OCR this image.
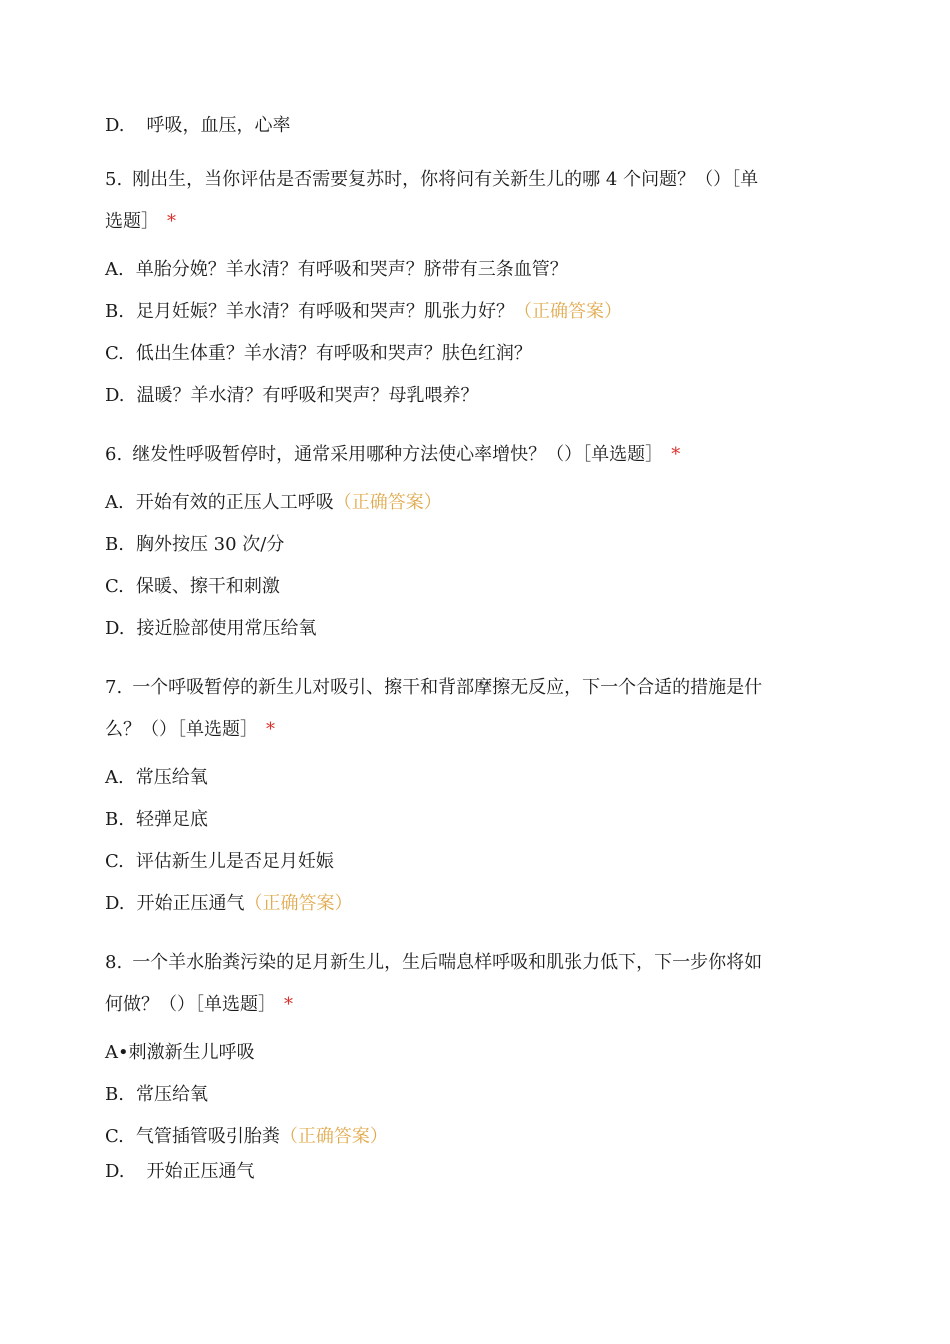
D. 呼吸，血压，心率
5. 刚出生，当你评估是否需要复苏时，你将问有关新生儿的哪 4 个问题？（）［单
选题］ *
A. 单胎分娩？羊水清？有呼吸和哭声？脐带有三条血管？
B. 足月妊娠？羊水清？有呼吸和哭声？肌张力好？（正确答案）
C. 低出生体重？羊水清？有呼吸和哭声？肤色红润？
D. 温暖？羊水清？有呼吸和哭声？母乳喂养？
6. 继发性呼吸暂停时，通常采用哪种方法使心率增快？（）［单选题］ *
A. 开始有效的正压人工呼吸（正确答案）
B. 胸外按压 30 次/分
C. 保暖、擦干和刺激
D. 接近脸部使用常压给氧
7. 一个呼吸暂停的新生儿对吸引、擦干和背部摩擦无反应，下一个合适的措施是什
么？（）［单选题］ *
A. 常压给氧
B. 轻弹足底
C. 评估新生儿是否足月妊娠
D. 开始正压通气（正确答案）
8. 一个羊水胎粪污染的足月新生儿，生后喘息样呼吸和肌张力低下，下一步你将如
何做？（）［单选题］ *
A•刺激新生儿呼吸
B. 常压给氧
C. 气管插管吸引胎粪（正确答案）
D. 开始正压通气
